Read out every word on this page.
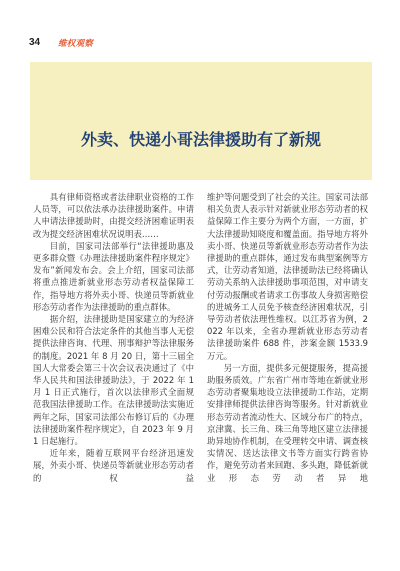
34 维权观察
外卖、快递小哥法律援助有了新规

具有律师资格或者法律职业资格的工作人员等，可以依法承办法律援助案件。申请人申请法律援助时，由提交经济困难证明表改为提交经济困难状况说明表……

目前，国家司法部举行“法律援助惠及更多群众暨《办理法律援助案件程序规定》发布”新闻发布会。会上介绍，国家司法部将重点推进新就业形态劳动者权益保障工作，指导地方将外卖小哥、快递员等新就业形态劳动者作为法律援助的重点群体。

据介绍，法律援助是国家建立的为经济困难公民和符合法定条件的其他当事人无偿提供法律咨询、代理、刑事辩护等法律服务的制度。2021 年 8 月 20 日，第十三届全国人大常委会第三十次会议表决通过了《中华人民共和国法律援助法》，于 2022 年 1 月 1 日正式施行，首次以法律形式全面规范我国法律援助工作。在法律援助法实施近两年之际，国家司法部公布修订后的《办理法律援助案件程序规定》，自 2023 年 9 月 1 日起施行。

近年来，随着互联网平台经济迅速发展，外卖小哥、快递员等新就业形态劳动者的权益

维护等问题受到了社会的关注。国家司法部相关负责人表示针对新就业形态劳动者的权益保障工作主要分为两个方面，一方面，扩大法律援助知晓度和覆盖面。指导地方将外卖小哥、快递员等新就业形态劳动者作为法律援助的重点群体，通过发布典型案例等方式，让劳动者知道，法律援助法已经将确认劳动关系纳入法律援助事项范围，对申请支付劳动报酬或者请求工伤事故人身损害赔偿的进城务工人员免予核查经济困难状况，引导劳动者依法理性维权。以江苏省为例，2022 年以来，全省办理新就业形态劳动者法律援助案件 688 件，涉案金额 1533.9 万元。

另一方面，提供多元便捷服务，提高援助服务质效。广东省广州市等地在新就业形态劳动者聚集地设立法律援助工作站，定期安排律师提供法律咨询等服务。针对新就业形态劳动者流动性大、区域分布广的特点，京津冀、长三角、珠三角等地区建立法律援助异地协作机制，在受理转交申请、调查核实情况、送达法律文书等方面实行跨省协作，避免劳动者来回跑、多头跑，降低新就业形态劳动者异地
